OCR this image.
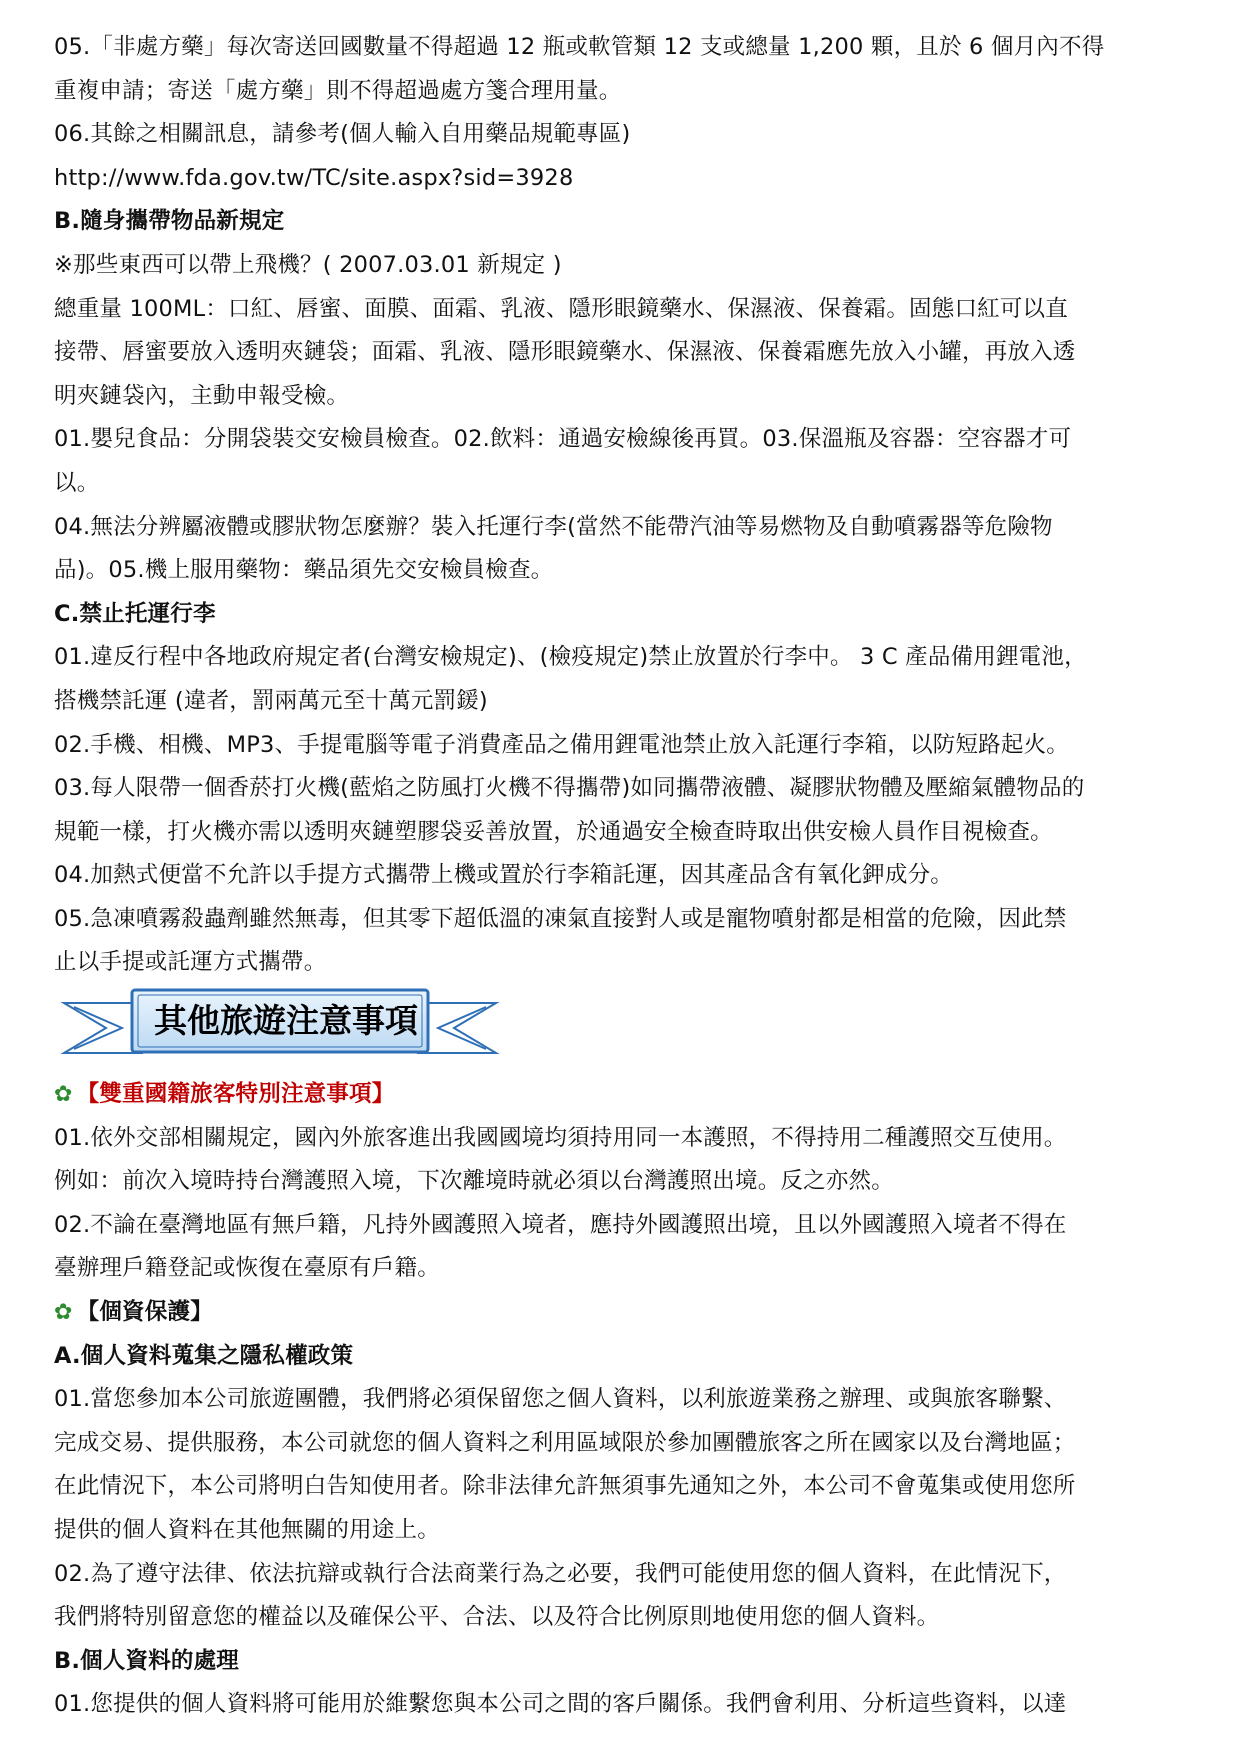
05.「非處方藥」每次寄送回國數量不得超過 12 瓶或軟管類 12 支或總量 1,200 顆，且於 6 個月內不得

重複申請；寄送「處方藥」則不得超過處方箋合理用量。

06.其餘之相關訊息，請參考(個人輸入自用藥品規範專區)

http://www.fda.gov.tw/TC/site.aspx?sid=3928

B.隨身攜帶物品新規定

※那些東西可以帶上飛機？( 2007.03.01 新規定 )

總重量 100ML：口紅、唇蜜、面膜、面霜、乳液、隱形眼鏡藥水、保濕液、保養霜。固態口紅可以直

接帶、唇蜜要放入透明夾鏈袋；面霜、乳液、隱形眼鏡藥水、保濕液、保養霜應先放入小罐，再放入透

明夾鏈袋內，主動申報受檢。

01.嬰兒食品：分開袋裝交安檢員檢查。02.飲料：通過安檢線後再買。03.保溫瓶及容器：空容器才可

以。

04.無法分辨屬液體或膠狀物怎麼辦？裝入托運行李(當然不能帶汽油等易燃物及自動噴霧器等危險物

品)。05.機上服用藥物：藥品須先交安檢員檢查。

C.禁止托運行李

01.違反行程中各地政府規定者(台灣安檢規定)、(檢疫規定)禁止放置於行李中。 3 C 產品備用鋰電池，

搭機禁託運 (違者，罰兩萬元至十萬元罰鍰)

02.手機、相機、MP3、手提電腦等電子消費產品之備用鋰電池禁止放入託運行李箱，以防短路起火。

03.每人限帶一個香菸打火機(藍焰之防風打火機不得攜帶)如同攜帶液體、凝膠狀物體及壓縮氣體物品的

規範一樣，打火機亦需以透明夾鏈塑膠袋妥善放置，於通過安全檢查時取出供安檢人員作目視檢查。

04.加熱式便當不允許以手提方式攜帶上機或置於行李箱託運，因其產品含有氧化鉀成分。

05.急凍噴霧殺蟲劑雖然無毒，但其零下超低溫的凍氣直接對人或是寵物噴射都是相當的危險，因此禁

止以手提或託運方式攜帶。

其他旅遊注意事項

✿ 【雙重國籍旅客特別注意事項】

01.依外交部相關規定，國內外旅客進出我國國境均須持用同一本護照，不得持用二種護照交互使用。

例如：前次入境時持台灣護照入境，下次離境時就必須以台灣護照出境。反之亦然。

02.不論在臺灣地區有無戶籍，凡持外國護照入境者，應持外國護照出境，且以外國護照入境者不得在

臺辦理戶籍登記或恢復在臺原有戶籍。

✿ 【個資保護】

A.個人資料蒐集之隱私權政策

01.當您參加本公司旅遊團體，我們將必須保留您之個人資料，以利旅遊業務之辦理、或與旅客聯繫、

完成交易、提供服務，本公司就您的個人資料之利用區域限於參加團體旅客之所在國家以及台灣地區；

在此情況下，本公司將明白告知使用者。除非法律允許無須事先通知之外，本公司不會蒐集或使用您所

提供的個人資料在其他無關的用途上。

02.為了遵守法律、依法抗辯或執行合法商業行為之必要，我們可能使用您的個人資料，在此情況下，

我們將特別留意您的權益以及確保公平、合法、以及符合比例原則地使用您的個人資料。

B.個人資料的處理

01.您提供的個人資料將可能用於維繫您與本公司之間的客戶關係。我們會利用、分析這些資料，以達
